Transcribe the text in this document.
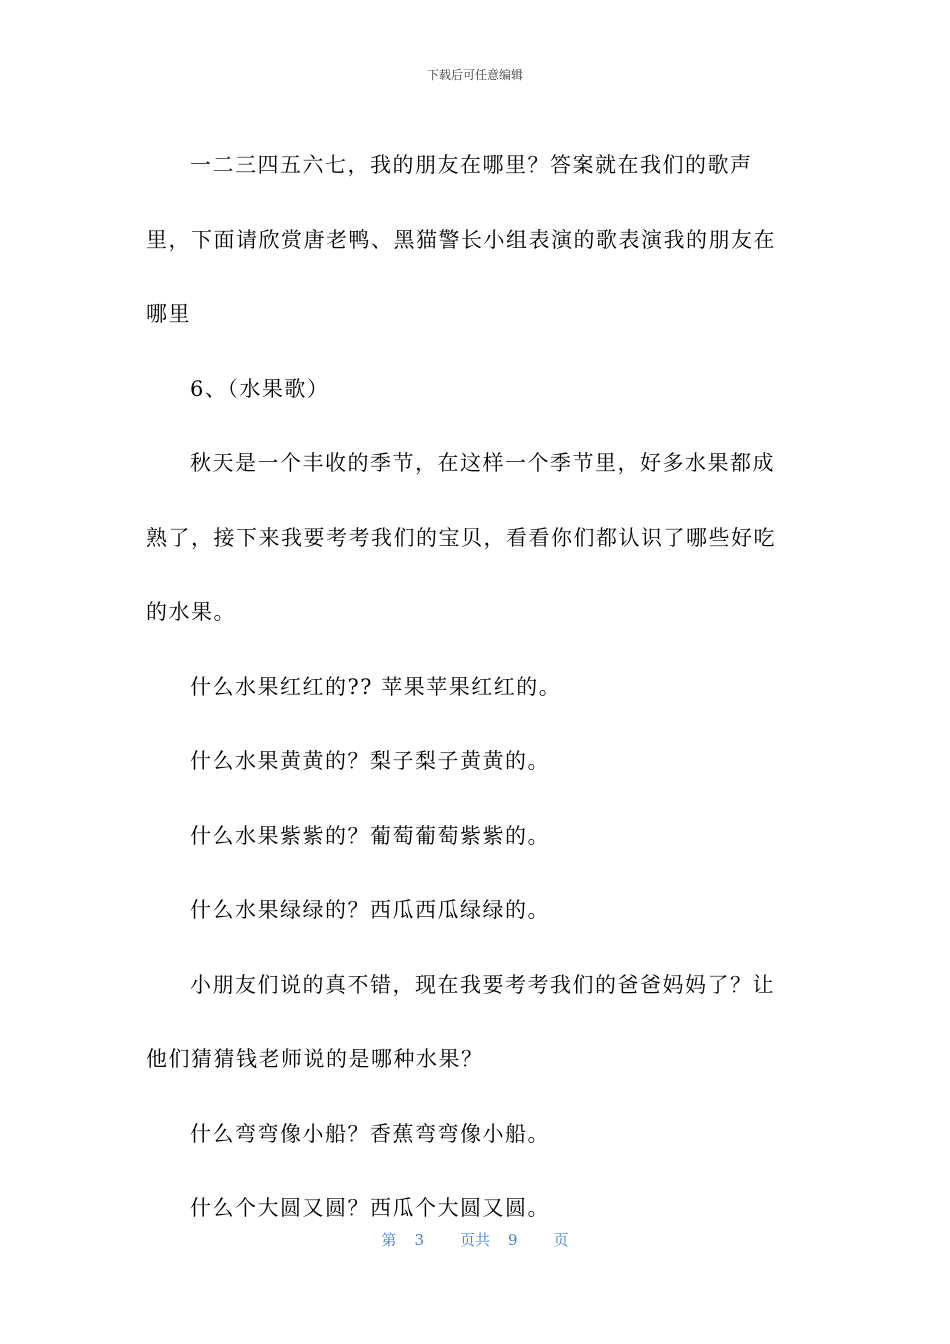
下载后可任意编辑

一二三四五六七，我的朋友在哪里？答案就在我们的歌声里，下面请欣赏唐老鸭、黑猫警长小组表演的歌表演我的朋友在哪里

6、（水果歌）

秋天是一个丰收的季节，在这样一个季节里，好多水果都成熟了，接下来我要考考我们的宝贝，看看你们都认识了哪些好吃的水果。

什么水果红红的?? 苹果苹果红红的。

什么水果黄黄的？梨子梨子黄黄的。

什么水果紫紫的？葡萄葡萄紫紫的。

什么水果绿绿的？西瓜西瓜绿绿的。

小朋友们说的真不错，现在我要考考我们的爸爸妈妈了？让他们猜猜钱老师说的是哪种水果？

什么弯弯像小船？香蕉弯弯像小船。

什么个大圆又圆？西瓜个大圆又圆。

第 3 页共 9 页
